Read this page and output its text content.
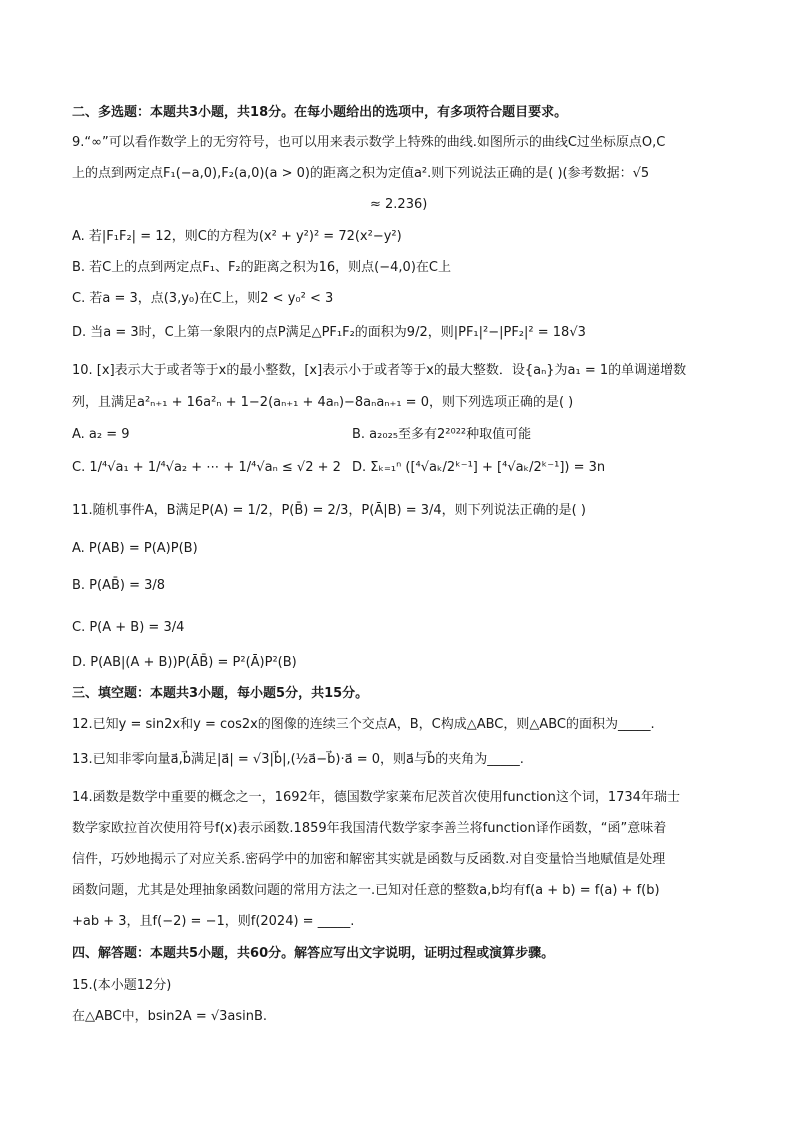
二、多选题：本题共3小题，共18分。在每小题给出的选项中，有多项符合题目要求。
9.“∞”可以看作数学上的无穷符号，也可以用来表示数学上特殊的曲线.如图所示的曲线C过坐标原点O,C
上的点到两定点F₁(−a,0),F₂(a,0)(a > 0)的距离之积为定值a².则下列说法正确的是( )(参考数据：√5
≈ 2.236)
A. 若|F₁F₂| = 12，则C的方程为(x² + y²)² = 72(x²−y²)
B. 若C上的点到两定点F₁、F₂的距离之积为16，则点(−4,0)在C上
C. 若a = 3，点(3,y₀)在C上，则2 < y₀² < 3
D. 当a = 3时，C上第一象限内的点P满足△PF₁F₂的面积为9/2，则|PF₁|²−|PF₂|² = 18√3
10. [x]表示大于或者等于x的最小整数，[x]表示小于或者等于x的最大整数．设{aₙ}为a₁ = 1的单调递增数
列，且满足a²ₙ₊₁ + 16a²ₙ + 1−2(aₙ₊₁ + 4aₙ)−8aₙaₙ₊₁ = 0，则下列选项正确的是( )
A. a₂ = 9	B. a₂₀₂₅至多有2²⁰²²种取值可能
C. 1/⁴√a₁ + 1/⁴√a₂ + ⋯ + 1/⁴√aₙ ≤ √2 + 2 D. Σₖ₌₁ⁿ ([⁴√aₖ/2ᵏ⁻¹] + [⁴√aₖ/2ᵏ⁻¹]) = 3n
11.随机事件A，B满足P(A) = 1/2，P(B̄) = 2/3，P(Ā|B) = 3/4，则下列说法正确的是( )
A. P(AB) = P(A)P(B)
B. P(AB̄) = 3/8
C. P(A + B) = 3/4
D. P(AB|(A + B))P(ĀB̄) = P²(Ā)P²(B)
三、填空题：本题共3小题，每小题5分，共15分。
12.已知y = sin2x和y = cos2x的图像的连续三个交点A，B，C构成△ABC，则△ABC的面积为_____.
13.已知非零向量a⃗,b⃗满足|a⃗| = √3|b⃗|,(½a⃗−b⃗)·a⃗ = 0，则a⃗与b⃗的夹角为_____.
14.函数是数学中重要的概念之一，1692年，德国数学家莱布尼茨首次使用function这个词，1734年瑞士
数学家欧拉首次使用符号f(x)表示函数.1859年我国清代数学家李善兰将function译作函数，“函”意味着
信件，巧妙地揭示了对应关系.密码学中的加密和解密其实就是函数与反函数.对自变量恰当地赋值是处理
函数问题，尤其是处理抽象函数问题的常用方法之一.已知对任意的整数a,b均有f(a + b) = f(a) + f(b)
+ab + 3，且f(−2) = −1，则f(2024) = _____.
四、解答题：本题共5小题，共60分。解答应写出文字说明，证明过程或演算步骤。
15.(本小题12分)
在△ABC中，bsin2A = √3asinB.
